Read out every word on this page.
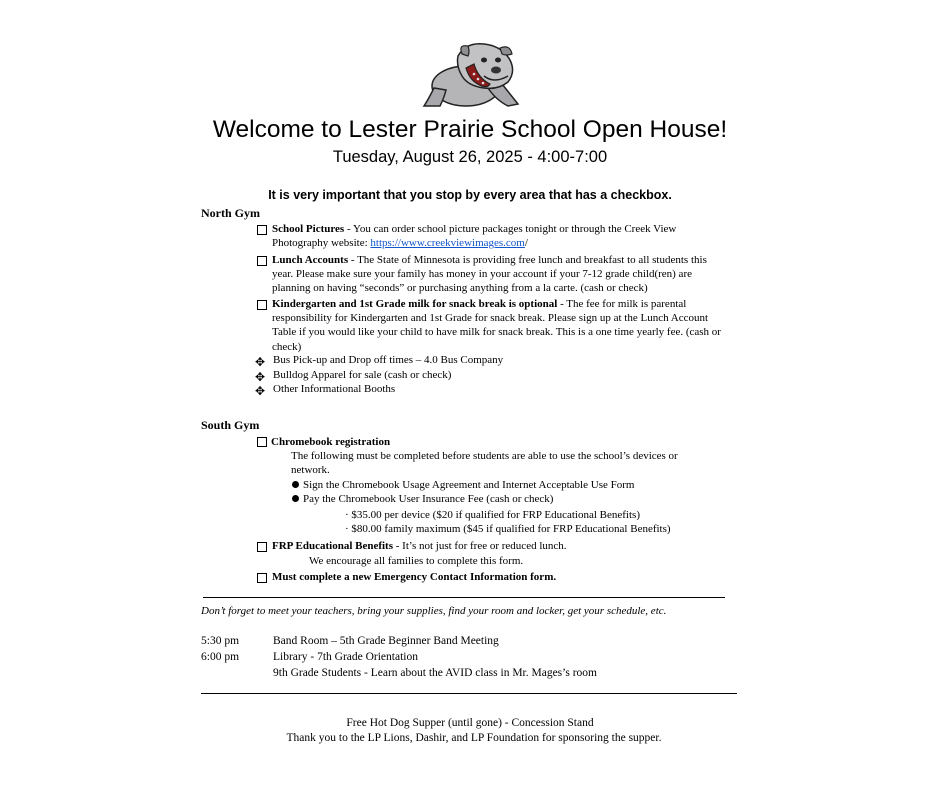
Welcome to Lester Prairie School Open House!
Tuesday, August 26, 2025 - 4:00-7:00
It is very important that you stop by every area that has a checkbox.
North Gym
School Pictures - You can order school picture packages tonight or through the Creek View
Photography website: https://www.creekviewimages.com/
Lunch Accounts - The State of Minnesota is providing free lunch and breakfast to all students this
year. Please make sure your family has money in your account if your 7-12 grade child(ren) are
planning on having “seconds” or purchasing anything from a la carte. (cash or check)
Kindergarten and 1st Grade milk for snack break is optional - The fee for milk is parental
responsibility for Kindergarten and 1st Grade for snack break. Please sign up at the Lunch Account
Table if you would like your child to have milk for snack break. This is a one time yearly fee. (cash or
check)
✥ Bus Pick-up and Drop off times – 4.0 Bus Company
✥ Bulldog Apparel for sale (cash or check)
✥ Other Informational Booths
South Gym
Chromebook registration
The following must be completed before students are able to use the school’s devices or
network.
Sign the Chromebook Usage Agreement and Internet Acceptable Use Form
Pay the Chromebook User Insurance Fee (cash or check)
· $35.00 per device ($20 if qualified for FRP Educational Benefits)
· $80.00 family maximum ($45 if qualified for FRP Educational Benefits)
FRP Educational Benefits - It’s not just for free or reduced lunch.
We encourage all families to complete this form.
Must complete a new Emergency Contact Information form.
Don’t forget to meet your teachers, bring your supplies, find your room and locker, get your schedule, etc.
5:30 pm	Band Room – 5th Grade Beginner Band Meeting
6:00 pm	Library - 7th Grade Orientation
9th Grade Students - Learn about the AVID class in Mr. Mages’s room
Free Hot Dog Supper (until gone) - Concession Stand
Thank you to the LP Lions, Dashir, and LP Foundation for sponsoring the supper.
